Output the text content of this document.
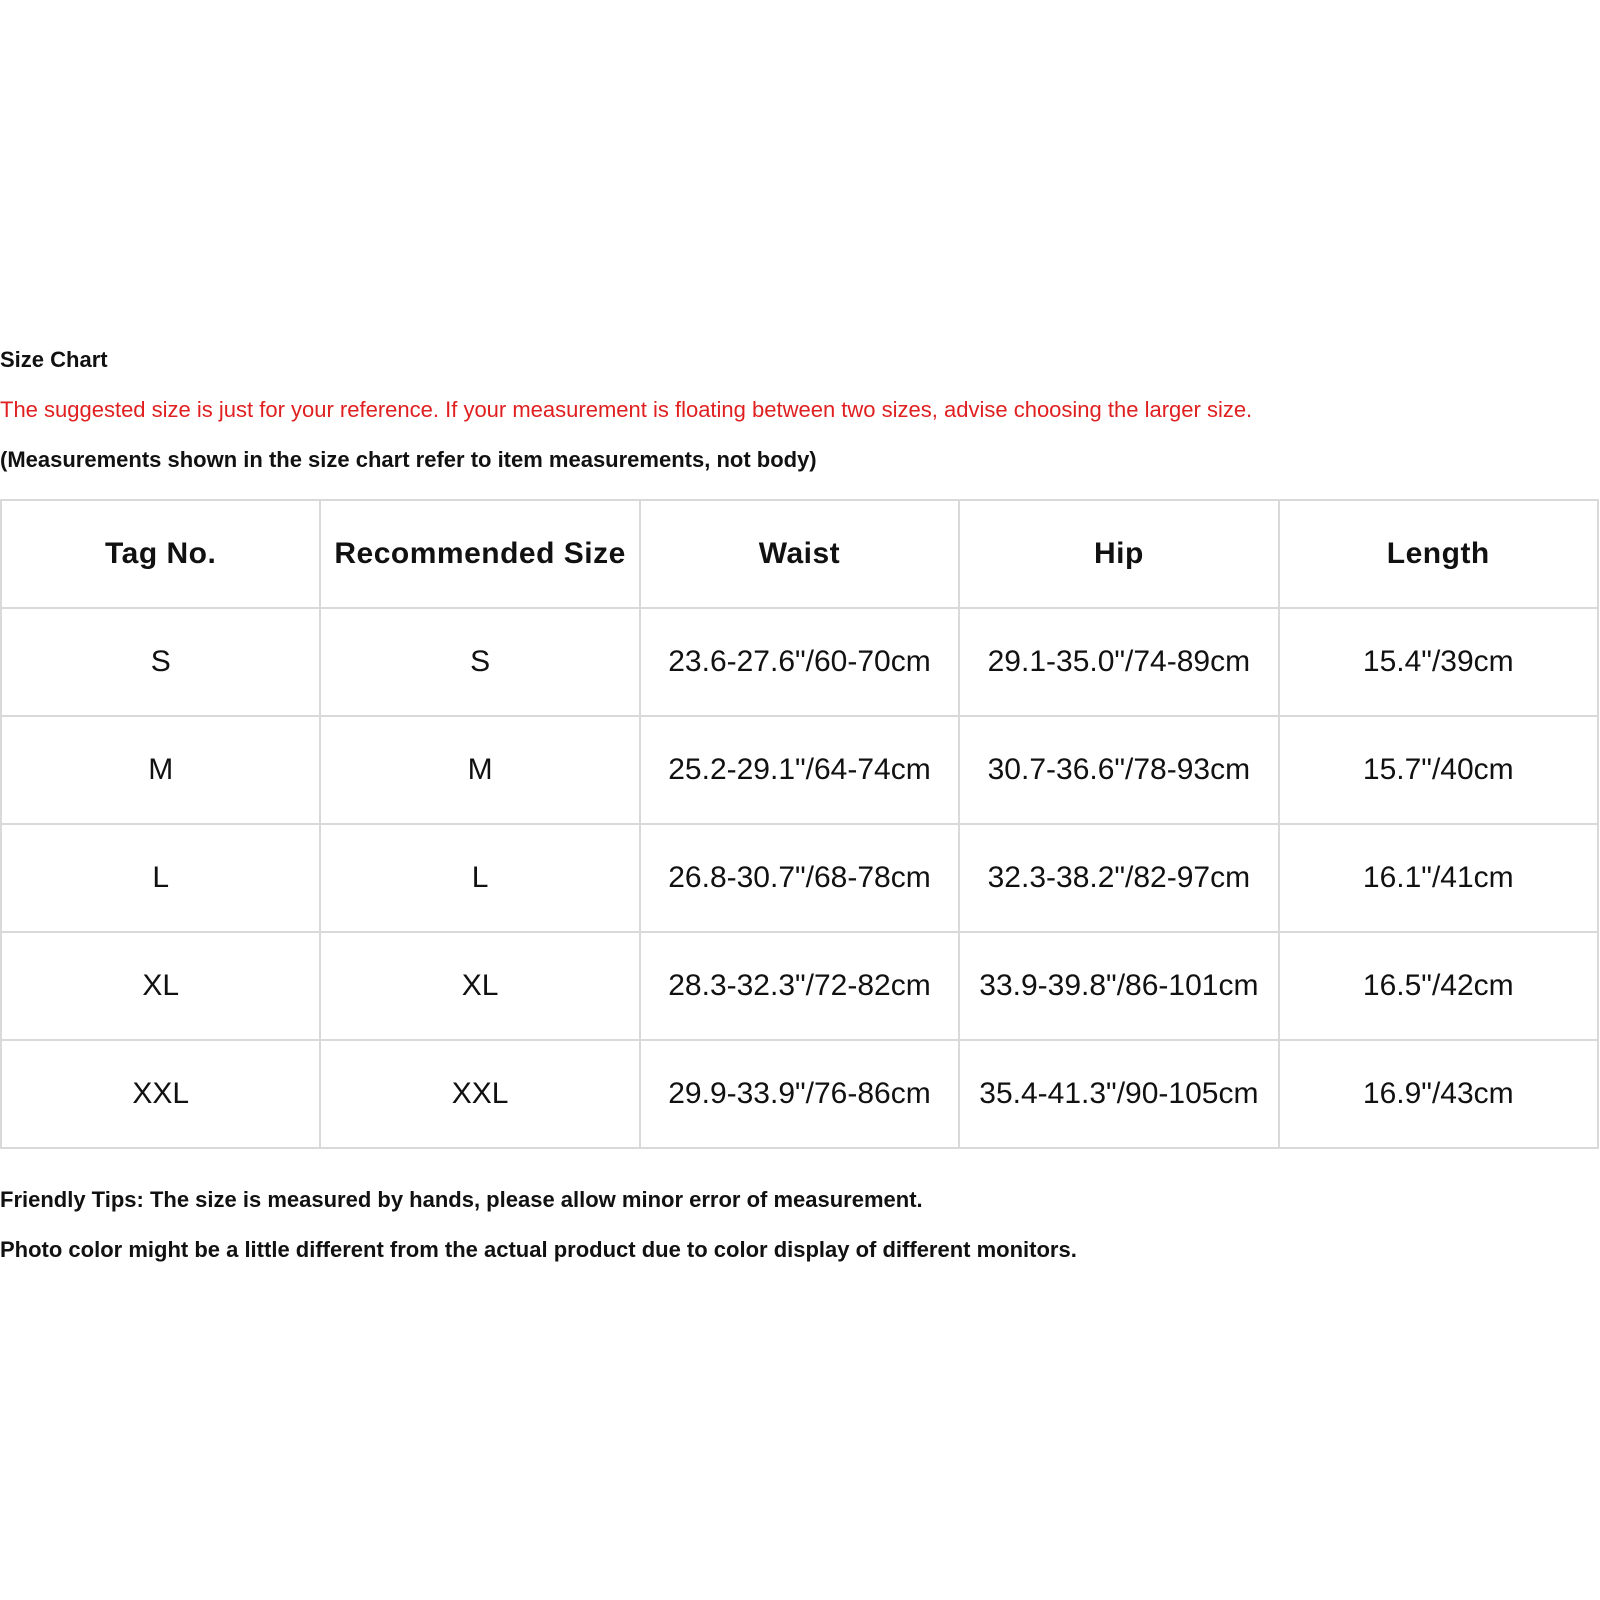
Size Chart
The suggested size is just for your reference. If your measurement is floating between two sizes, advise choosing the larger size.
(Measurements shown in the size chart refer to item measurements, not body)
Tag No.	Recommended Size	Waist	Hip	Length
S	S	23.6-27.6"/60-70cm	29.1-35.0"/74-89cm	15.4"/39cm
M	M	25.2-29.1"/64-74cm	30.7-36.6"/78-93cm	15.7"/40cm
L	L	26.8-30.7"/68-78cm	32.3-38.2"/82-97cm	16.1"/41cm
XL	XL	28.3-32.3"/72-82cm	33.9-39.8"/86-101cm	16.5"/42cm
XXL	XXL	29.9-33.9"/76-86cm	35.4-41.3"/90-105cm	16.9"/43cm
Friendly Tips: The size is measured by hands, please allow minor error of measurement.
Photo color might be a little different from the actual product due to color display of different monitors.
